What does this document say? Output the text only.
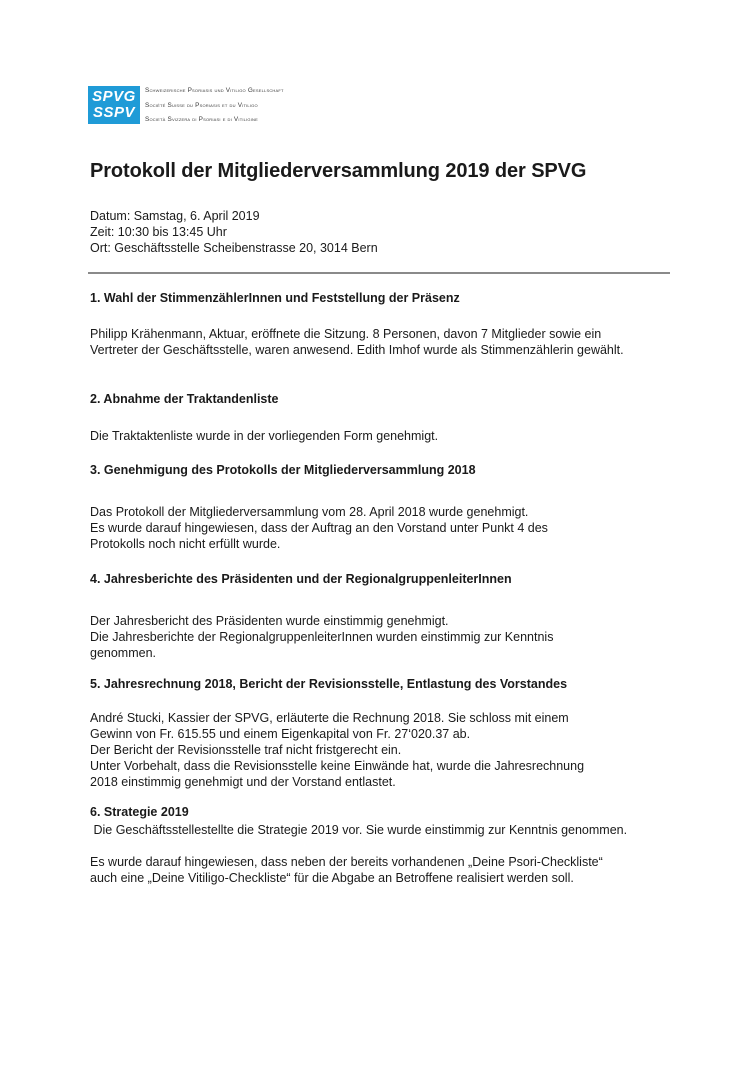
SPVG
SSPV
Schweizerische Psoriasis und Vitiligo Gesellschaft
Société Suisse du Psoriasis et du Vitiligo
Società Svizzera di Psoriasi e di Vitiligine
Protokoll der Mitgliederversammlung 2019 der SPVG
Datum: Samstag, 6. April 2019
Zeit: 10:30 bis 13:45 Uhr
Ort: Geschäftsstelle Scheibenstrasse 20, 3014 Bern
1. Wahl der StimmenzählerInnen und Feststellung der Präsenz

Philipp Krähenmann, Aktuar, eröffnete die Sitzung. 8 Personen, davon 7 Mitglieder sowie ein
Vertreter der Geschäftsstelle, waren anwesend. Edith Imhof wurde als Stimmenzählerin gewählt.

2. Abnahme der Traktandenliste

Die Traktaktenliste wurde in der vorliegenden Form genehmigt.

3. Genehmigung des Protokolls der Mitgliederversammlung 2018

Das Protokoll der Mitgliederversammlung vom 28. April 2018 wurde genehmigt.
Es wurde darauf hingewiesen, dass der Auftrag an den Vorstand unter Punkt 4 des
Protokolls noch nicht erfüllt wurde.

4. Jahresberichte des Präsidenten und der RegionalgruppenleiterInnen

Der Jahresbericht des Präsidenten wurde einstimmig genehmigt.
Die Jahresberichte der RegionalgruppenleiterInnen wurden einstimmig zur Kenntnis
genommen.

5. Jahresrechnung 2018, Bericht der Revisionsstelle, Entlastung des Vorstandes

André Stucki, Kassier der SPVG, erläuterte die Rechnung 2018. Sie schloss mit einem
Gewinn von Fr. 615.55 und einem Eigenkapital von Fr. 27‘020.37 ab.
Der Bericht der Revisionsstelle traf nicht fristgerecht ein.
Unter Vorbehalt, dass die Revisionsstelle keine Einwände hat, wurde die Jahresrechnung
2018 einstimmig genehmigt und der Vorstand entlastet.

6. Strategie 2019

Die Geschäftsstellestellte die Strategie 2019 vor. Sie wurde einstimmig zur Kenntnis genommen.
Es wurde darauf hingewiesen, dass neben der bereits vorhandenen „Deine Psori-Checkliste“
auch eine „Deine Vitiligo-Checkliste“ für die Abgabe an Betroffene realisiert werden soll.
